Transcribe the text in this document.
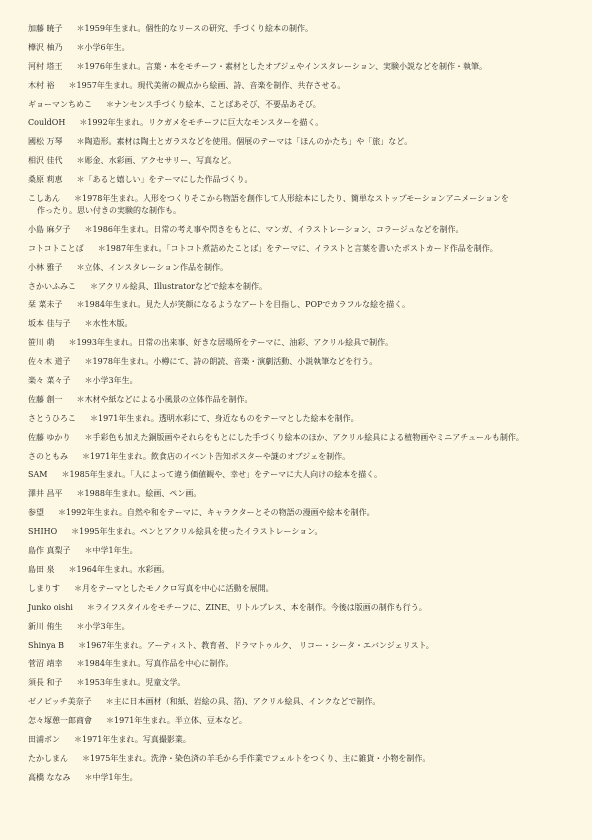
加藤 暁子 ＊1959年生まれ。個性的なリースの研究、手づくり絵本の制作。
樺沢 柚乃 ＊小学6年生。
河村 塔王 ＊1976年生まれ。言葉・本をモチーフ・素材としたオブジェやインスタレーション、実験小説などを制作・執筆。
木村 裕 ＊1957年生まれ。現代美術の観点から絵画、詩、音楽を制作、共存させる。
ギョーマンちめこ ＊ナンセンス手づくり絵本、ことばあそび、不要品あそび。
CouldOH ＊1992年生まれ。リクガメをモチーフに巨大なモンスターを描く。
國松 万琴 ＊陶造形。素材は陶土とガラスなどを使用。個展のテーマは「ほんのかたち」や「旅」など。
相沢 佳代 ＊彫金、水彩画、アクセサリー、写真など。
桑原 莉恵 ＊「あると嬉しい」をテーマにした作品づくり。
こしあん ＊1978年生まれ。人形をつくりそこから物語を創作して人形絵本にしたり、簡単なストップモーションアニメーションを
作ったり。思い付きの実験的な制作も。
小島 麻夕子 ＊1986年生まれ。日常の考え事や閃きをもとに、マンガ、イラストレーション、コラージュなどを制作。
コトコトことば ＊1987年生まれ。「コトコト煮詰めたことば」をテーマに、イラストと言葉を書いたポストカード作品を制作。
小林 雅子 ＊立体、インスタレーション作品を制作。
さかいふみこ ＊アクリル絵具、Illustratorなどで絵本を制作。
栞 菜未子 ＊1984年生まれ。見た人が笑顔になるようなアートを目指し、POPでカラフルな絵を描く。
坂本 佳与子 ＊水性木版。
笹川 萌 ＊1993年生まれ。日常の出来事、好きな居場所をテーマに、油彩、アクリル絵具で制作。
佐々木 道子 ＊1978年生まれ。小樽にて、詩の朗読、音楽・演劇活動、小説執筆などを行う。
楽々 菜々子 ＊小学3年生。
佐藤 創一 ＊木材や紙などによる小風景の立体作品を制作。
さとうひろこ ＊1971年生まれ。透明水彩にて、身近なものをテーマとした絵本を制作。
佐藤 ゆかり ＊手彩色も加えた銅版画やそれらをもとにした手づくり絵本のほか、アクリル絵具による植物画やミニアチュールも制作。
さのともみ ＊1971年生まれ。飲食店のイベント告知ポスターや謎のオブジェを制作。
SAM ＊1985年生まれ。「人によって違う価値観や、幸せ」をテーマに大人向けの絵本を描く。
澤井 昌平 ＊1988年生まれ。絵画、ペン画。
参望 ＊1992年生まれ。自然や和をテーマに、キャラクターとその物語の漫画や絵本を制作。
SHIHO ＊1995年生まれ。ペンとアクリル絵具を使ったイラストレーション。
島作 真梨子 ＊中学1年生。
島田 泉 ＊1964年生まれ。水彩画。
しまりす ＊月をテーマとしたモノクロ写真を中心に活動を展開。
Junko oishi ＊ライフスタイルをモチーフに、ZINE、リトルプレス、本を制作。今後は版画の制作も行う。
新川 侑生 ＊小学3年生。
Shinya B ＊1967年生まれ。アーティスト、教育者、ドラマトゥルク、 リコー・シータ・エバンジェリスト。
菅沼 靖幸 ＊1984年生まれ。写真作品を中心に制作。
須長 和子 ＊1953年生まれ。児童文学。
ゼノビッチ美奈子 ＊主に日本画材（和紙、岩絵の具、箔)、アクリル絵具、インクなどで制作。
怎々塚憩一郎商會 ＊1971年生まれ。半立体、豆本など。
田浦ボン ＊1971年生まれ。写真撮影業。
たかしまん ＊1975年生まれ。洗浄・染色済の羊毛から手作業でフェルトをつくり、主に雑貨・小物を制作。
高橋 ななみ ＊中学1年生。
